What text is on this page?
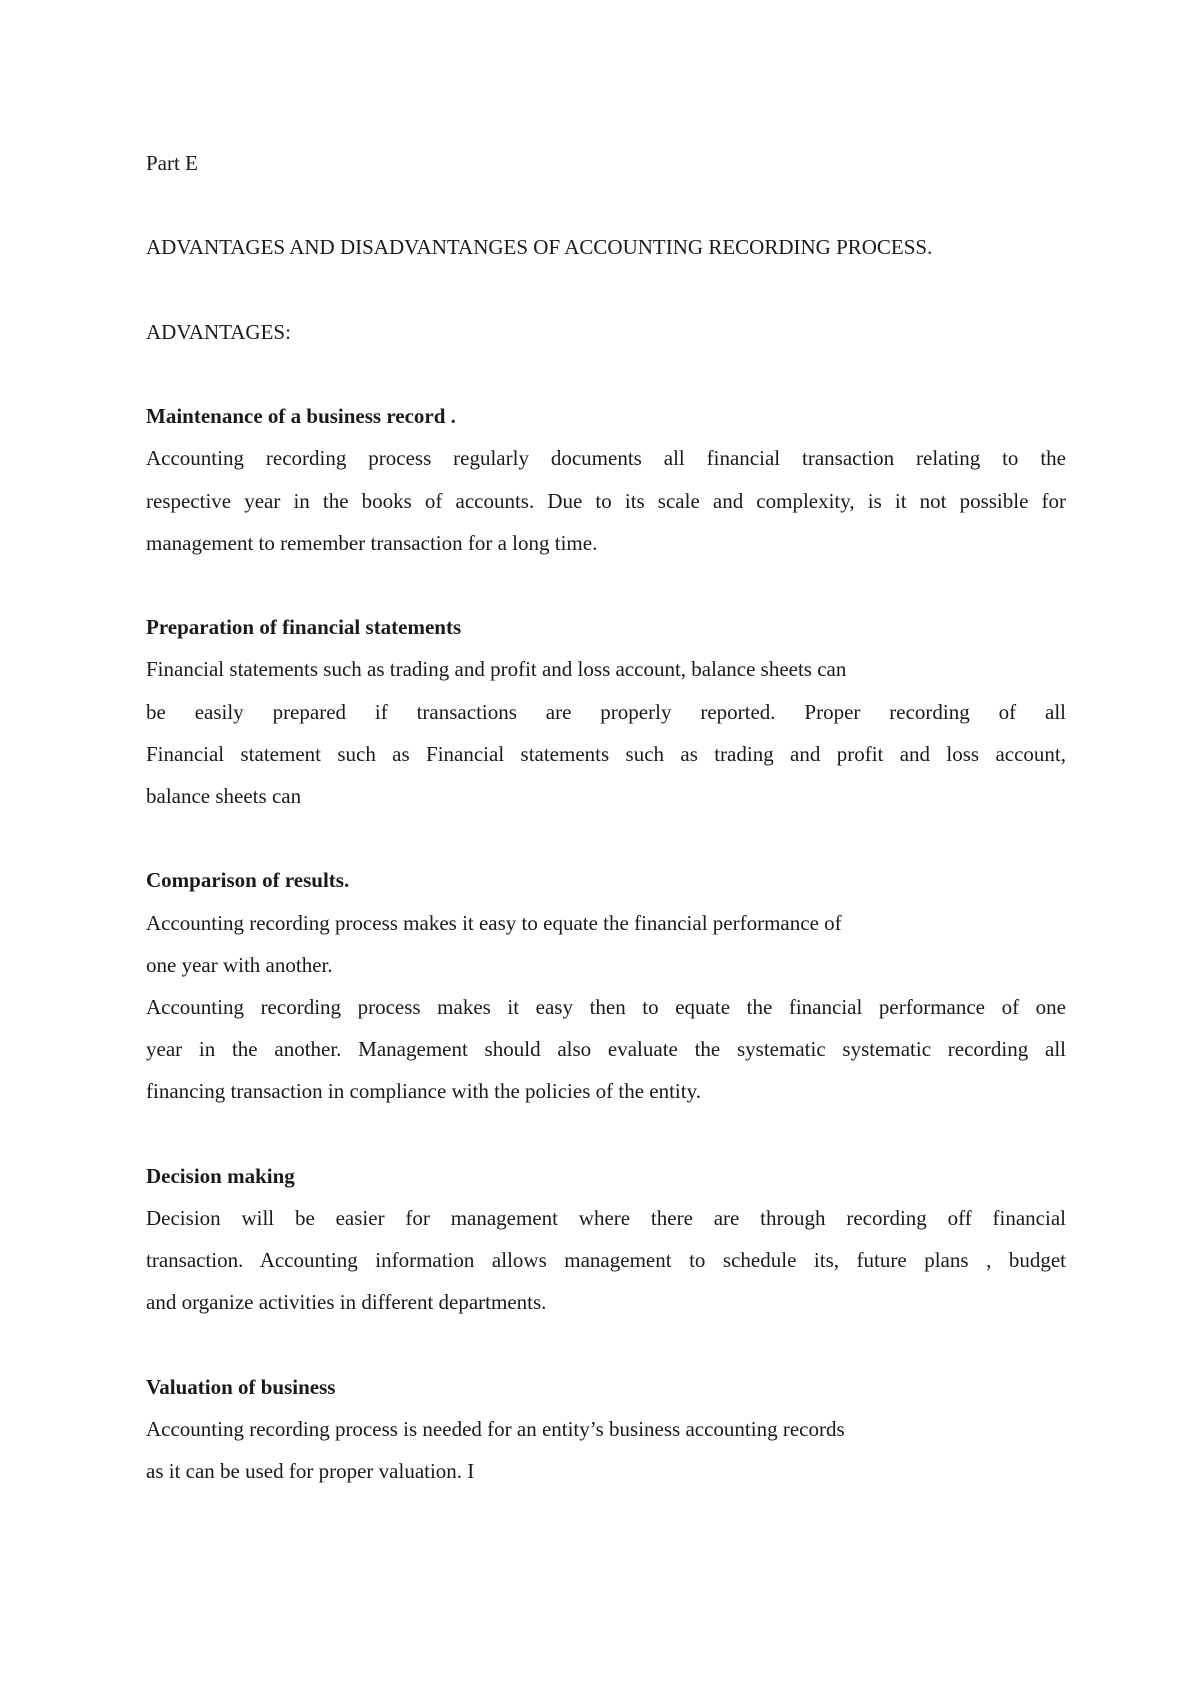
Part E

ADVANTAGES AND DISADVANTANGES OF ACCOUNTING RECORDING PROCESS.

ADVANTAGES:

Maintenance of a business record .

Accounting recording process regularly documents all financial transaction relating to the

respective year in the books of accounts. Due to its scale and complexity, is it not possible for

management to remember transaction for a long time.

Preparation of financial statements

Financial statements such as trading and profit and loss account, balance sheets can

be easily prepared if transactions are properly reported. Proper recording of all

Financial statement such as Financial statements such as trading and profit and loss account,

balance sheets can

Comparison of results.

Accounting recording process makes it easy to equate the financial performance of

one year with another.

Accounting recording process makes it easy then to equate the financial performance of one

year in the another. Management should also evaluate the systematic systematic recording all

financing transaction in compliance with the policies of the entity.

Decision making

Decision will be easier for management where there are through recording off financial

transaction. Accounting information allows management to schedule its, future plans , budget

and organize activities in different departments.

Valuation of business

Accounting recording process is needed for an entity’s business accounting records

as it can be used for proper valuation. I
